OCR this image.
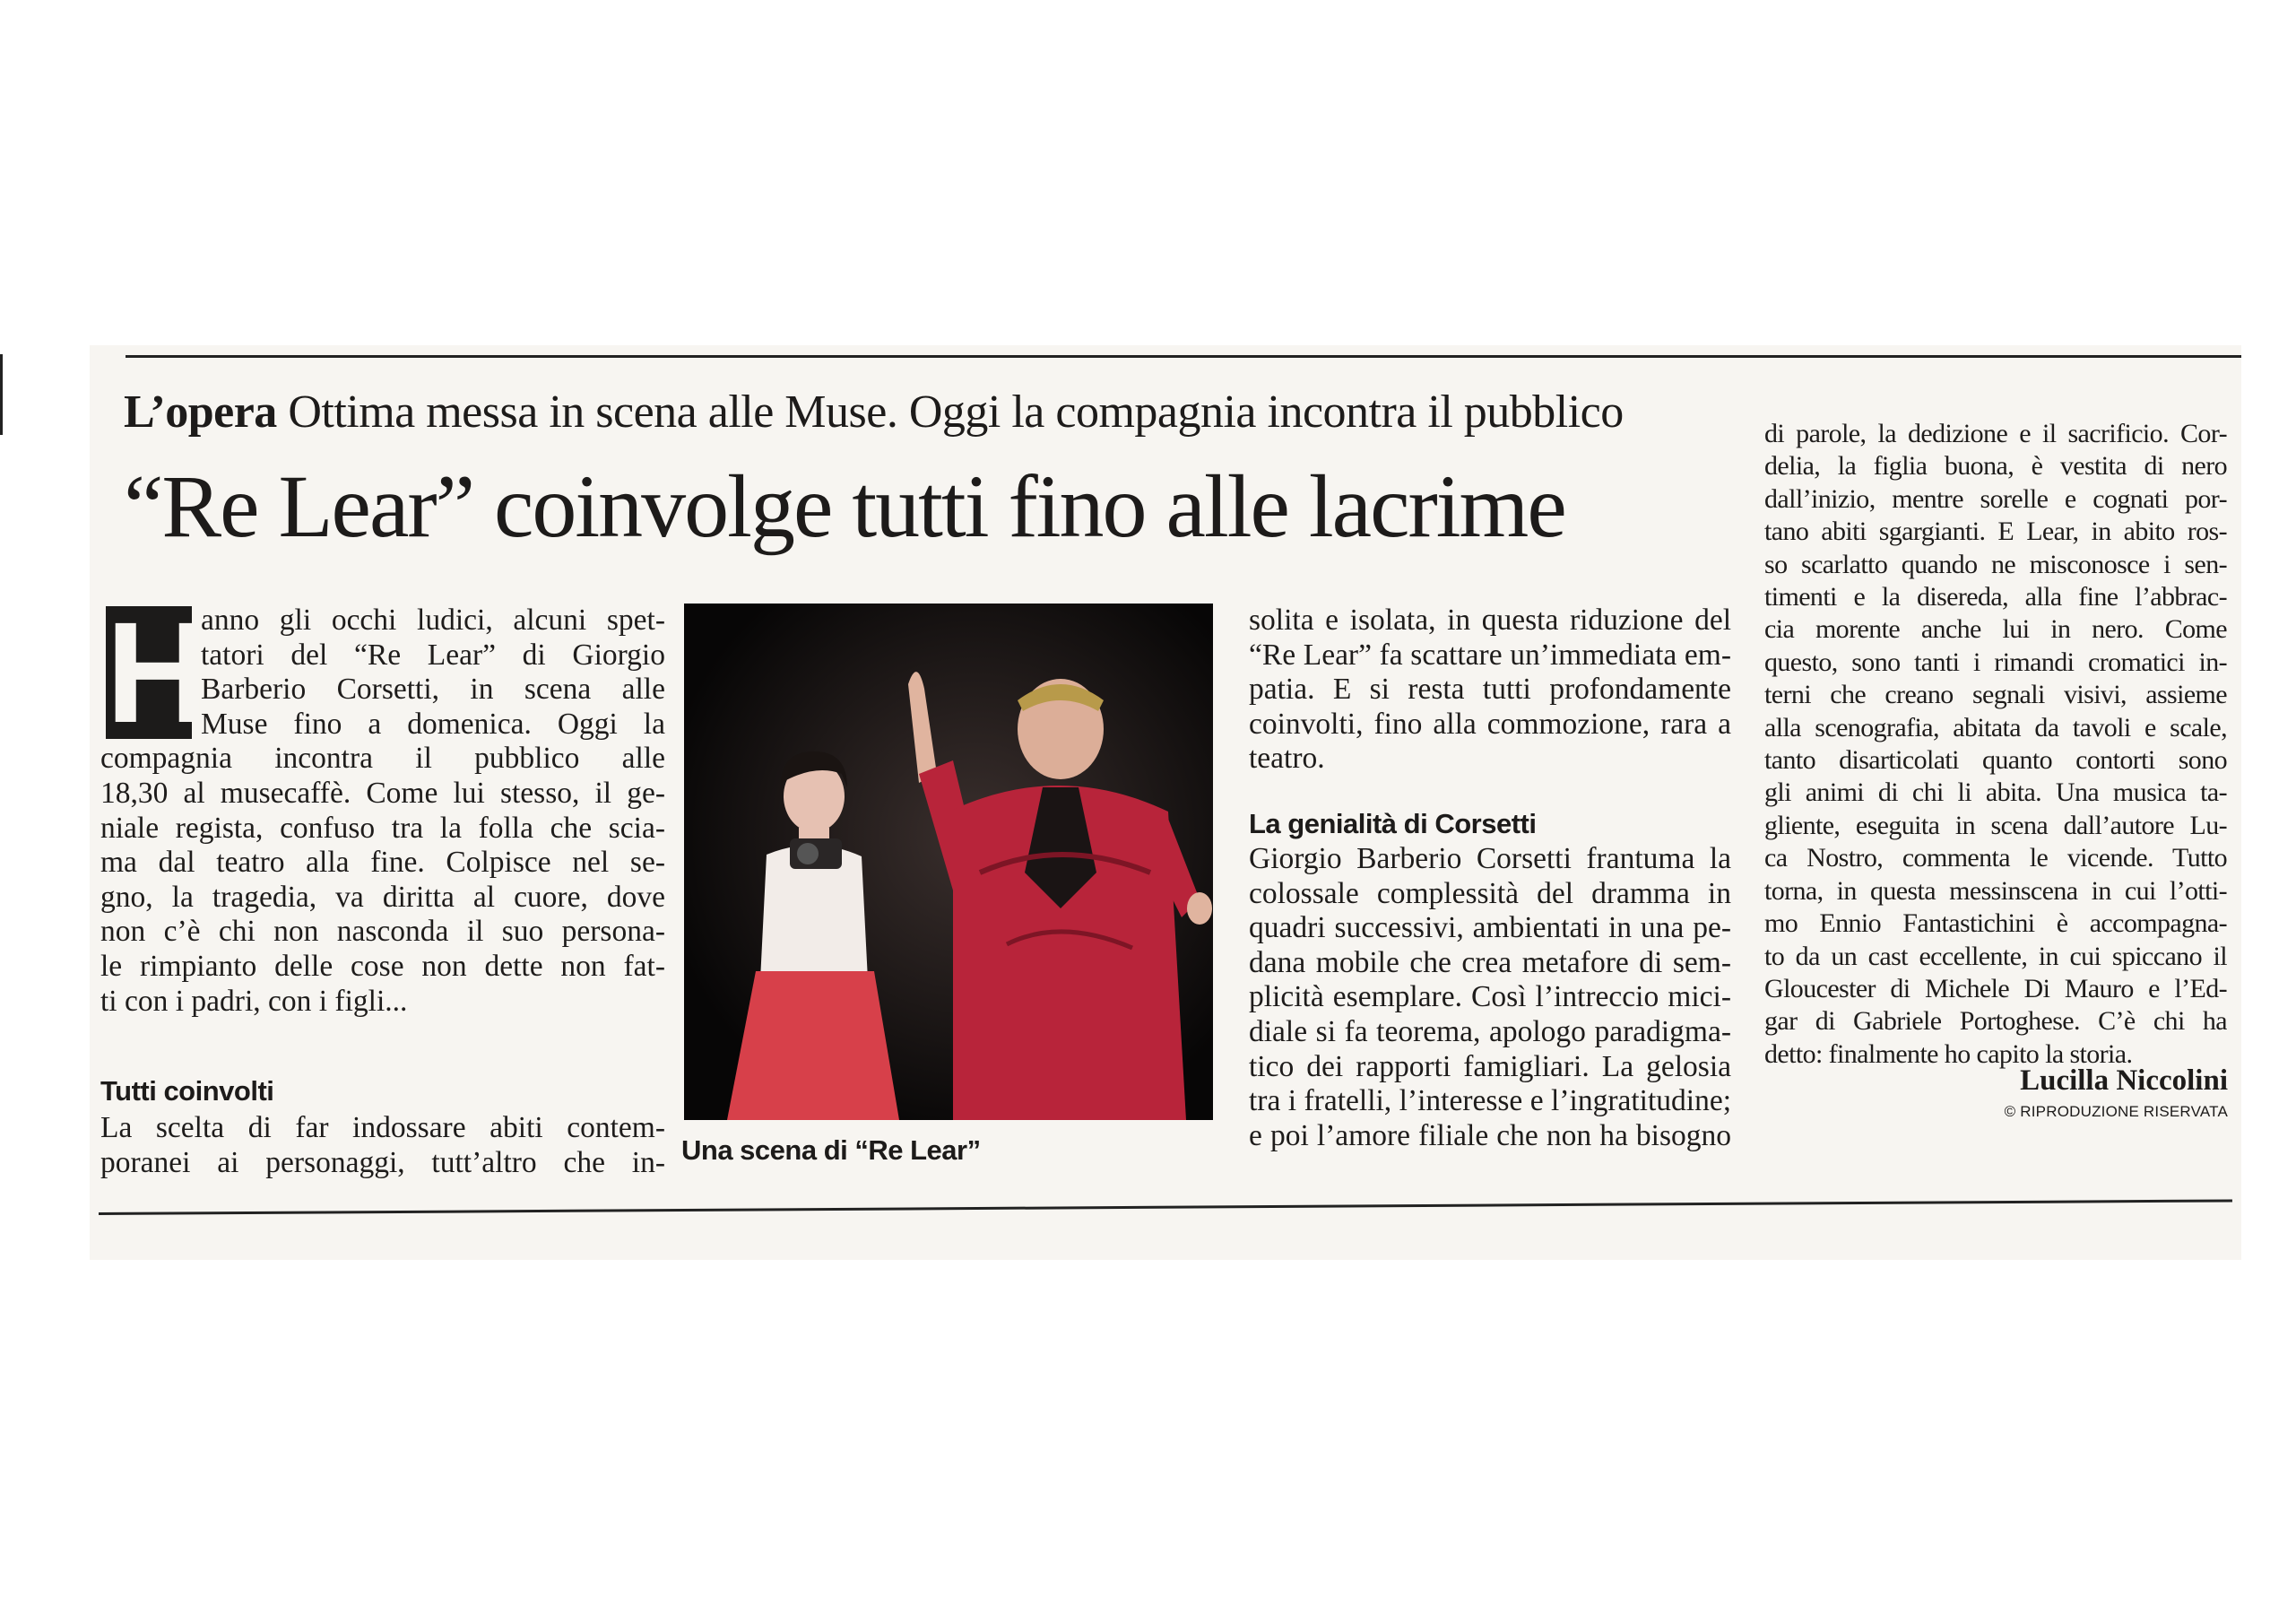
L’opera Ottima messa in scena alle Muse. Oggi la compagnia incontra il pubblico
“Re Lear” coinvolge tutti fino alle lacrime
H
anno gli occhi ludici, alcuni spet-
tatori del “Re Lear” di Giorgio
Barberio Corsetti, in scena alle
Muse fino a domenica. Oggi la
compagnia incontra il pubblico alle
18,30 al musecaffè. Come lui stesso, il ge-
niale regista, confuso tra la folla che scia-
ma dal teatro alla fine. Colpisce nel se-
gno, la tragedia, va diritta al cuore, dove
non c’è chi non nasconda il suo persona-
le rimpianto delle cose non dette non fat-
ti con i padri, con i figli...
Tutti coinvolti
La scelta di far indossare abiti contem-
poranei ai personaggi, tutt’altro che in- Una scena di “Re Lear”
solita e isolata, in questa riduzione del
“Re Lear” fa scattare un’immediata em-
patia. E si resta tutti profondamente
coinvolti, fino alla commozione, rara a
teatro.
La genialità di Corsetti
Giorgio Barberio Corsetti frantuma la
colossale complessità del dramma in
quadri successivi, ambientati in una pe-
dana mobile che crea metafore di sem-
plicità esemplare. Così l’intreccio mici-
diale si fa teorema, apologo paradigma-
tico dei rapporti famigliari. La gelosia
tra i fratelli, l’interesse e l’ingratitudine;
e poi l’amore filiale che non ha bisogno
di parole, la dedizione e il sacrificio. Cor-
delia, la figlia buona, è vestita di nero
dall’inizio, mentre sorelle e cognati por-
tano abiti sgargianti. E Lear, in abito ros-
so scarlatto quando ne misconosce i sen-
timenti e la disereda, alla fine l’abbrac-
cia morente anche lui in nero. Come
questo, sono tanti i rimandi cromatici in-
terni che creano segnali visivi, assieme
alla scenografia, abitata da tavoli e scale,
tanto disarticolati quanto contorti sono
gli animi di chi li abita. Una musica ta-
gliente, eseguita in scena dall’autore Lu-
ca Nostro, commenta le vicende. Tutto
torna, in questa messinscena in cui l’otti-
mo Ennio Fantastichini è accompagna-
to da un cast eccellente, in cui spiccano il
Gloucester di Michele Di Mauro e l’Ed-
gar di Gabriele Portoghese. C’è chi ha
detto: finalmente ho capito la storia.
Lucilla Niccolini
© RIPRODUZIONE RISERVATA
